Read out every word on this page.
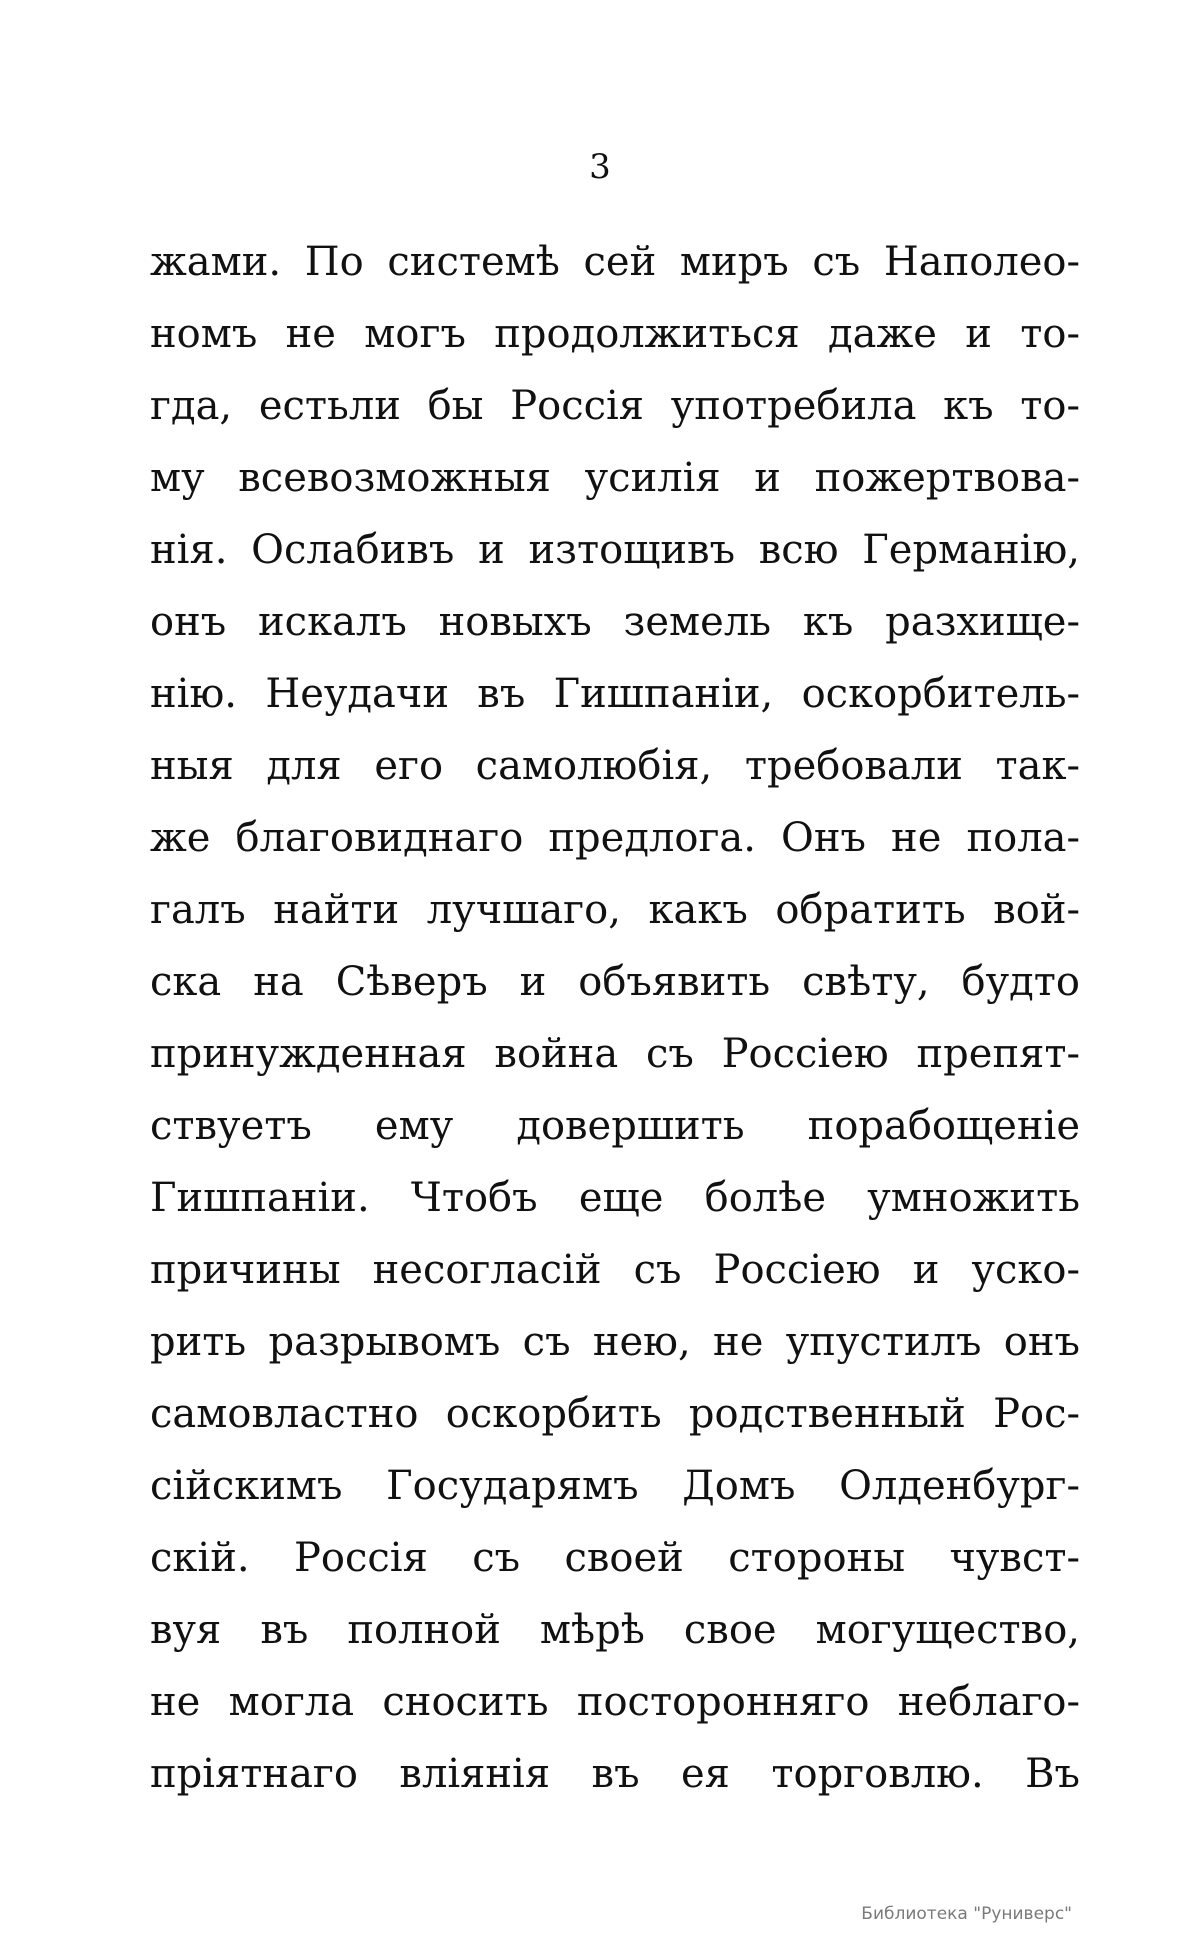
3
жами. По системѣ сей миръ съ Наполео-
номъ не могъ продолжиться даже и то-
гда, естьли бы Россія употребила къ то-
му всевозможныя усилія и пожертвова-
нія. Ослабивъ и изтощивъ всю Германію,
онъ искалъ новыхъ земель къ разхище-
нію. Неудачи въ Гишпаніи, оскорбитель-
ныя для его самолюбія, требовали так-
же благовиднаго предлога. Онъ не пола-
галъ найти лучшаго, какъ обратить вой-
ска на Сѣверъ и объявить свѣту, будто
принужденная война съ Россіею препят-
ствуетъ ему довершить порабощеніе
Гишпаніи. Чтобъ еще болѣе умножить
причины несогласій съ Россіею и уско-
рить разрывомъ съ нею, не упустилъ онъ
самовластно оскорбить родственный Рос-
сійскимъ Государямъ Домъ Олденбург-
скій. Россія съ своей стороны чувст-
вуя въ полной мѣрѣ свое могущество,
не могла сносить посторонняго неблаго-
пріятнаго вліянія въ ея торговлю. Въ
Библиотека "Руниверс"
